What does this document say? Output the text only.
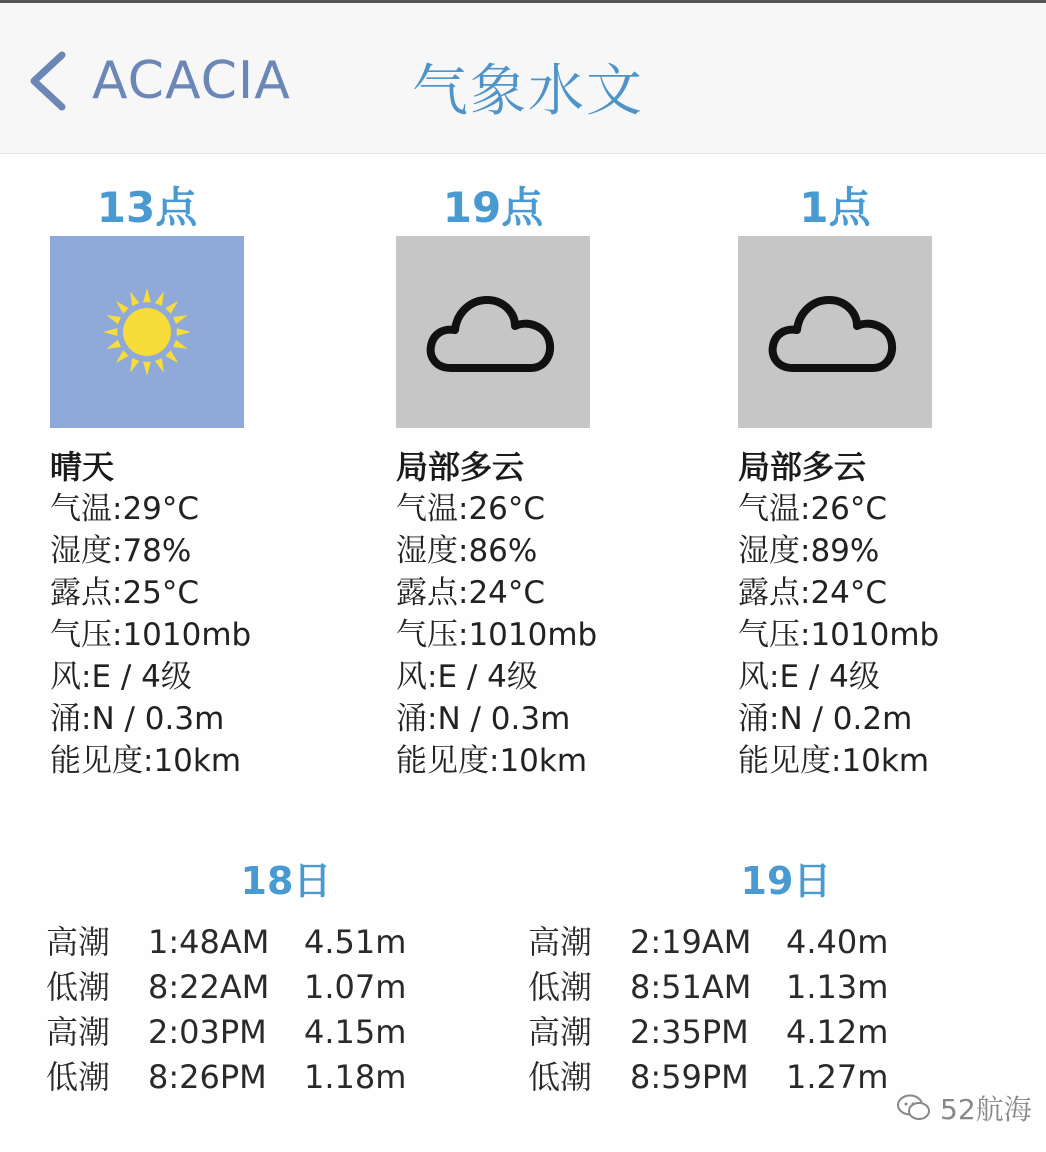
ACACIA 气象水文
13点
晴天
气温:29°C
湿度:78%
露点:25°C
气压:1010mb
风:E / 4级
涌:N / 0.3m
能见度:10km
19点
局部多云
气温:26°C
湿度:86%
露点:24°C
气压:1010mb
风:E / 4级
涌:N / 0.3m
能见度:10km
1点
局部多云
气温:26°C
湿度:89%
露点:24°C
气压:1010mb
风:E / 4级
涌:N / 0.2m
能见度:10km
18日
高潮	1:48AM	4.51m
低潮	8:22AM	1.07m
高潮	2:03PM	4.15m
低潮	8:26PM	1.18m
19日
高潮	2:19AM	4.40m
低潮	8:51AM	1.13m
高潮	2:35PM	4.12m
低潮	8:59PM	1.27m
52航海
